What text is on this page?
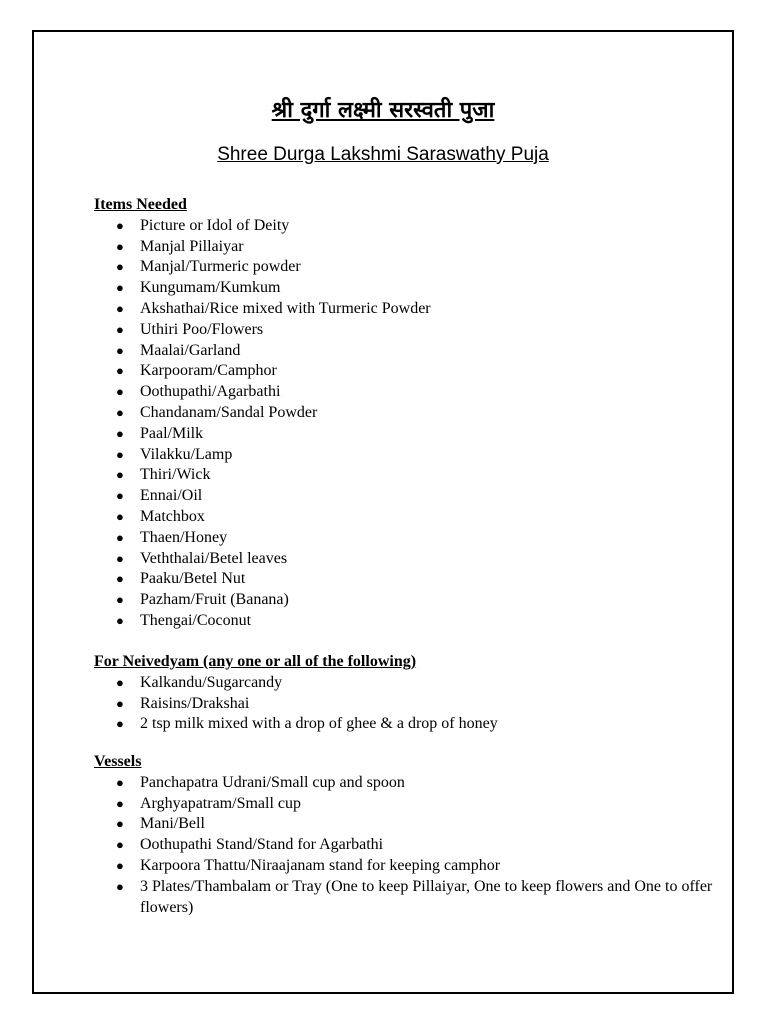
श्री दुर्गा लक्ष्मी सरस्वती पुजा
Shree Durga Lakshmi Saraswathy Puja
Items Needed
● Picture or Idol of Deity
● Manjal Pillaiyar
● Manjal/Turmeric powder
● Kungumam/Kumkum
● Akshathai/Rice mixed with Turmeric Powder
● Uthiri Poo/Flowers
● Maalai/Garland
● Karpooram/Camphor
● Oothupathi/Agarbathi
● Chandanam/Sandal Powder
● Paal/Milk
● Vilakku/Lamp
● Thiri/Wick
● Ennai/Oil
● Matchbox
● Thaen/Honey
● Veththalai/Betel leaves
● Paaku/Betel Nut
● Pazham/Fruit (Banana)
● Thengai/Coconut
For Neivedyam (any one or all of the following)
● Kalkandu/Sugarcandy
● Raisins/Drakshai
● 2 tsp milk mixed with a drop of ghee & a drop of honey
Vessels
● Panchapatra Udrani/Small cup and spoon
● Arghyapatram/Small cup
● Mani/Bell
● Oothupathi Stand/Stand for Agarbathi
● Karpoora Thattu/Niraajanam stand for keeping camphor
● 3 Plates/Thambalam or Tray (One to keep Pillaiyar, One to keep flowers and One to offer flowers)
